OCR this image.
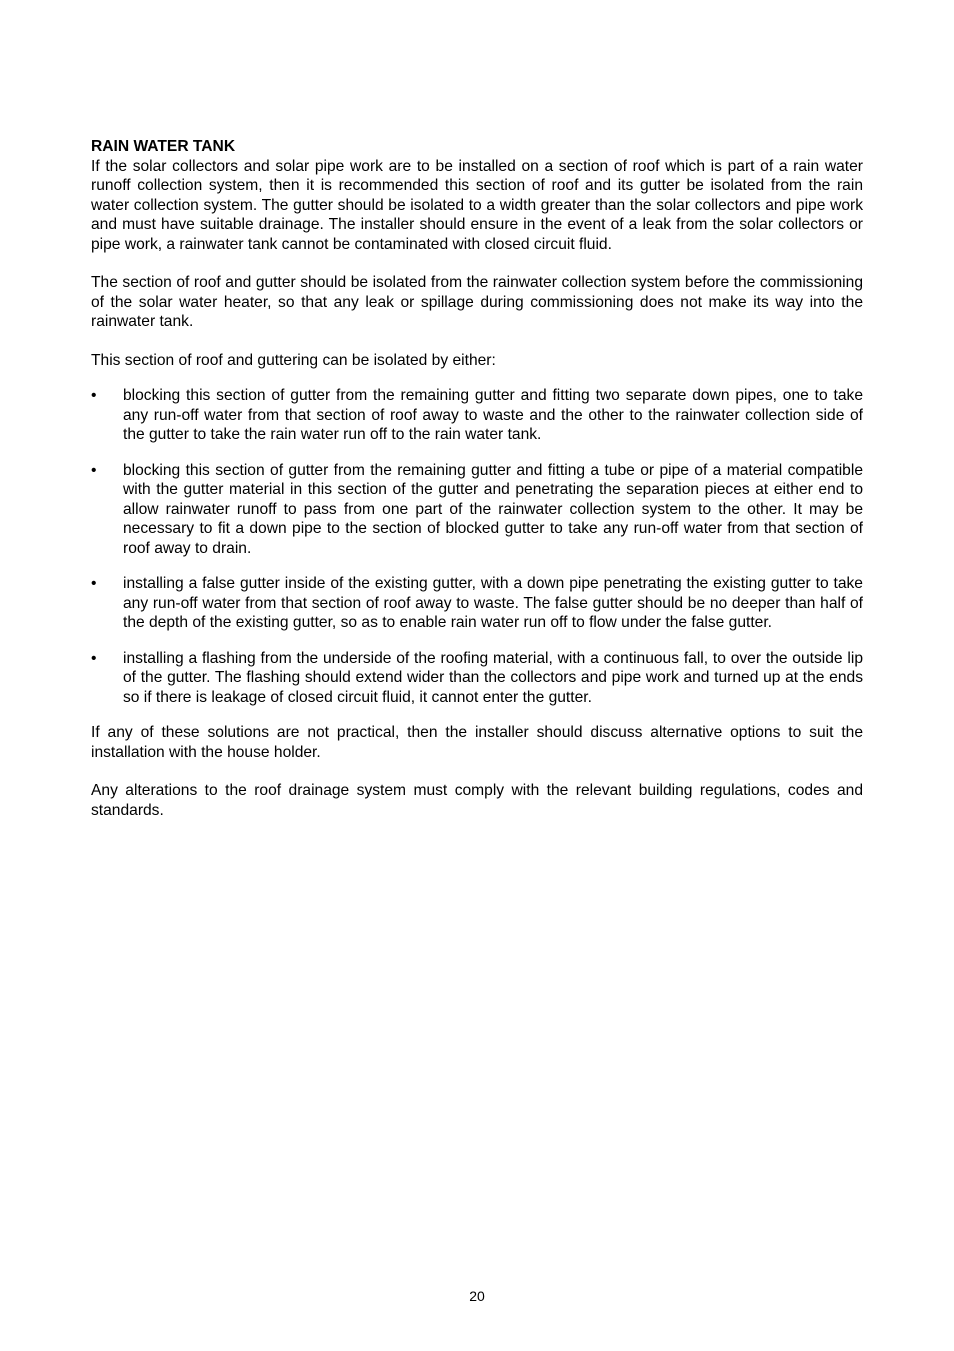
RAIN WATER TANK

If the solar collectors and solar pipe work are to be installed on a section of roof which is part of a rain water runoff collection system, then it is recommended this section of roof and its gutter be isolated from the rain water collection system. The gutter should be isolated to a width greater than the solar collectors and pipe work and must have suitable drainage. The installer should ensure in the event of a leak from the solar collectors or pipe work, a rainwater tank cannot be contaminated with closed circuit fluid.

The section of roof and gutter should be isolated from the rainwater collection system before the commissioning of the solar water heater, so that any leak or spillage during commissioning does not make its way into the rainwater tank.

This section of roof and guttering can be isolated by either:

• blocking this section of gutter from the remaining gutter and fitting two separate down pipes, one to take any run-off water from that section of roof away to waste and the other to the rainwater collection side of the gutter to take the rain water run off to the rain water tank.
• blocking this section of gutter from the remaining gutter and fitting a tube or pipe of a material compatible with the gutter material in this section of the gutter and penetrating the separation pieces at either end to allow rainwater runoff to pass from one part of the rainwater collection system to the other. It may be necessary to fit a down pipe to the section of blocked gutter to take any run-off water from that section of roof away to drain.
• installing a false gutter inside of the existing gutter, with a down pipe penetrating the existing gutter to take any run-off water from that section of roof away to waste. The false gutter should be no deeper than half of the depth of the existing gutter, so as to enable rain water run off to flow under the false gutter.
• installing a flashing from the underside of the roofing material, with a continuous fall, to over the outside lip of the gutter. The flashing should extend wider than the collectors and pipe work and turned up at the ends so if there is leakage of closed circuit fluid, it cannot enter the gutter.

If any of these solutions are not practical, then the installer should discuss alternative options to suit the installation with the house holder.

Any alterations to the roof drainage system must comply with the relevant building regulations, codes and standards.

20
